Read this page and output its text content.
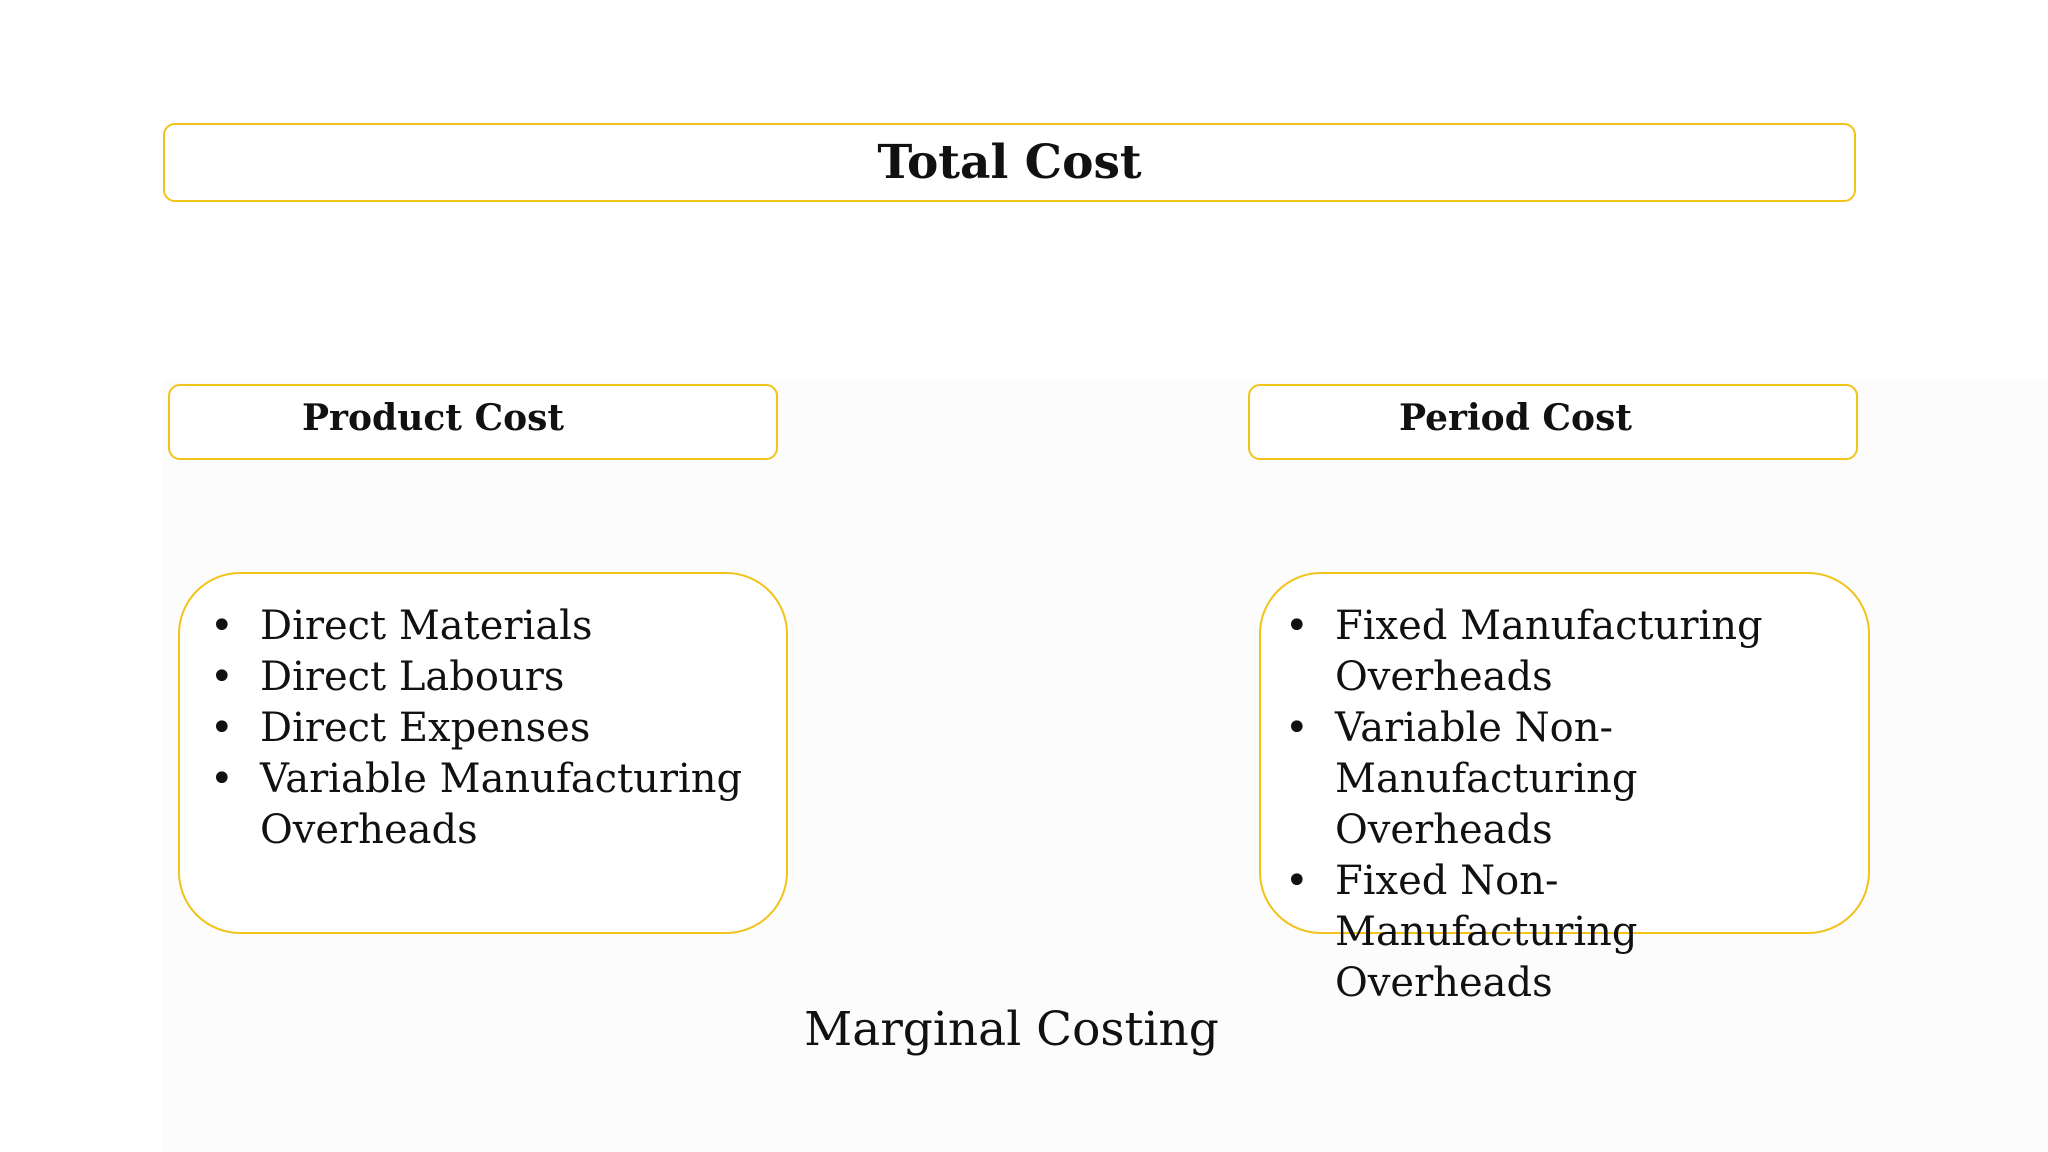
Total Cost
Product Cost	Period Cost
• Direct Materials
• Direct Labours
• Direct Expenses
• Variable Manufacturing Overheads
• Fixed Manufacturing Overheads
• Variable Non-Manufacturing Overheads
• Fixed Non-Manufacturing Overheads
Marginal Costing
